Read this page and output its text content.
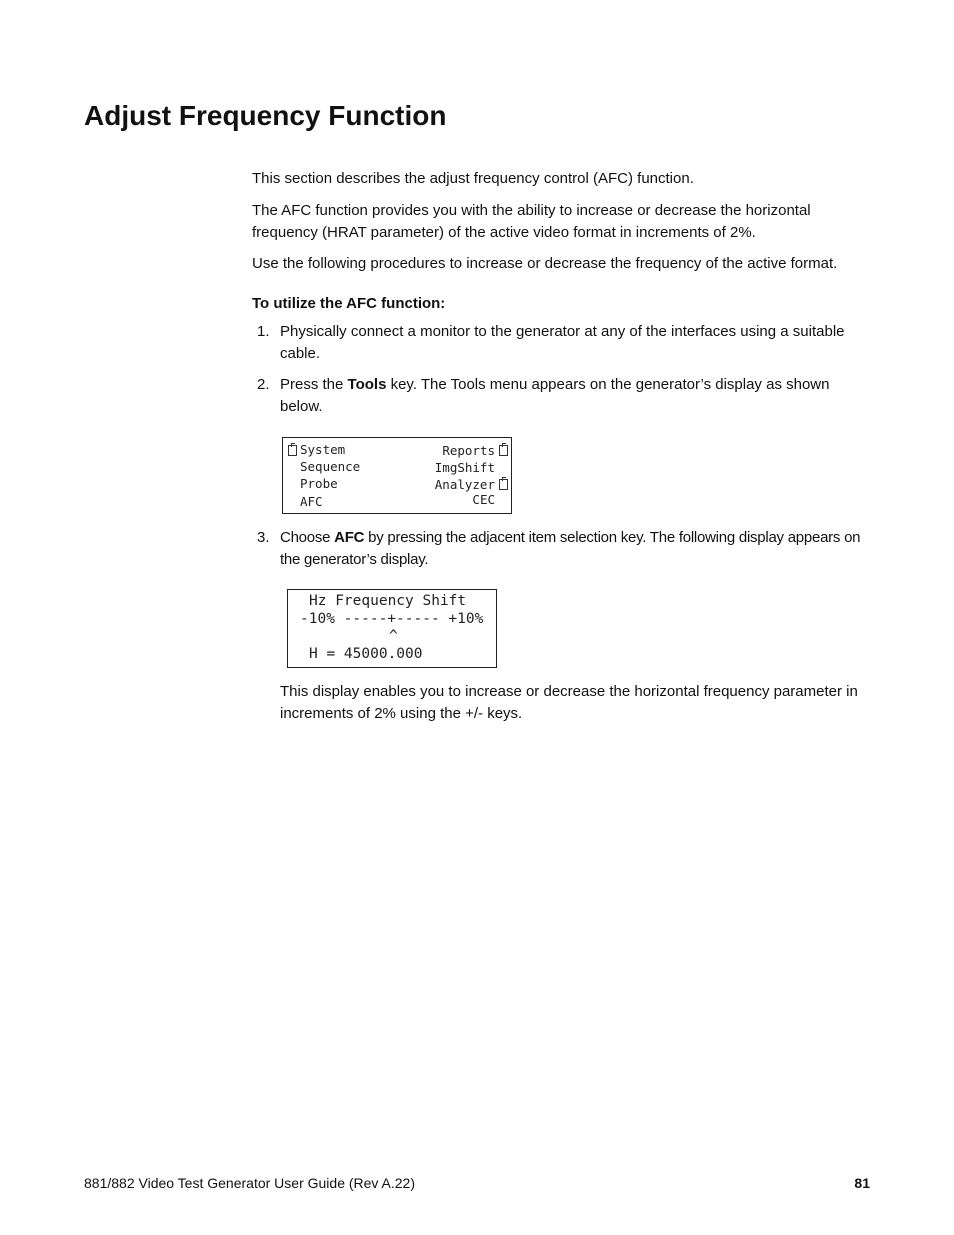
Adjust Frequency Function

This section describes the adjust frequency control (AFC) function.

The AFC function provides you with the ability to increase or decrease the horizontal frequency (HRAT parameter) of the active video format in increments of 2%.

Use the following procedures to increase or decrease the frequency of the active format.

To utilize the AFC function:

1. Physically connect a monitor to the generator at any of the interfaces using a suitable cable.
2. Press the Tools key. The Tools menu appears on the generator’s display as shown below.
System
Sequence
Probe
AFC
Reports
ImgShift
Analyzer
CEC
3. Choose AFC by pressing the adjacent item selection key. The following display appears on the generator’s display.
Hz Frequency Shift
-10% -----+----- +10%
^
H = 45000.000
This display enables you to increase or decrease the horizontal frequency parameter in increments of 2% using the +/- keys.
881/882 Video Test Generator User Guide (Rev A.22)	81
